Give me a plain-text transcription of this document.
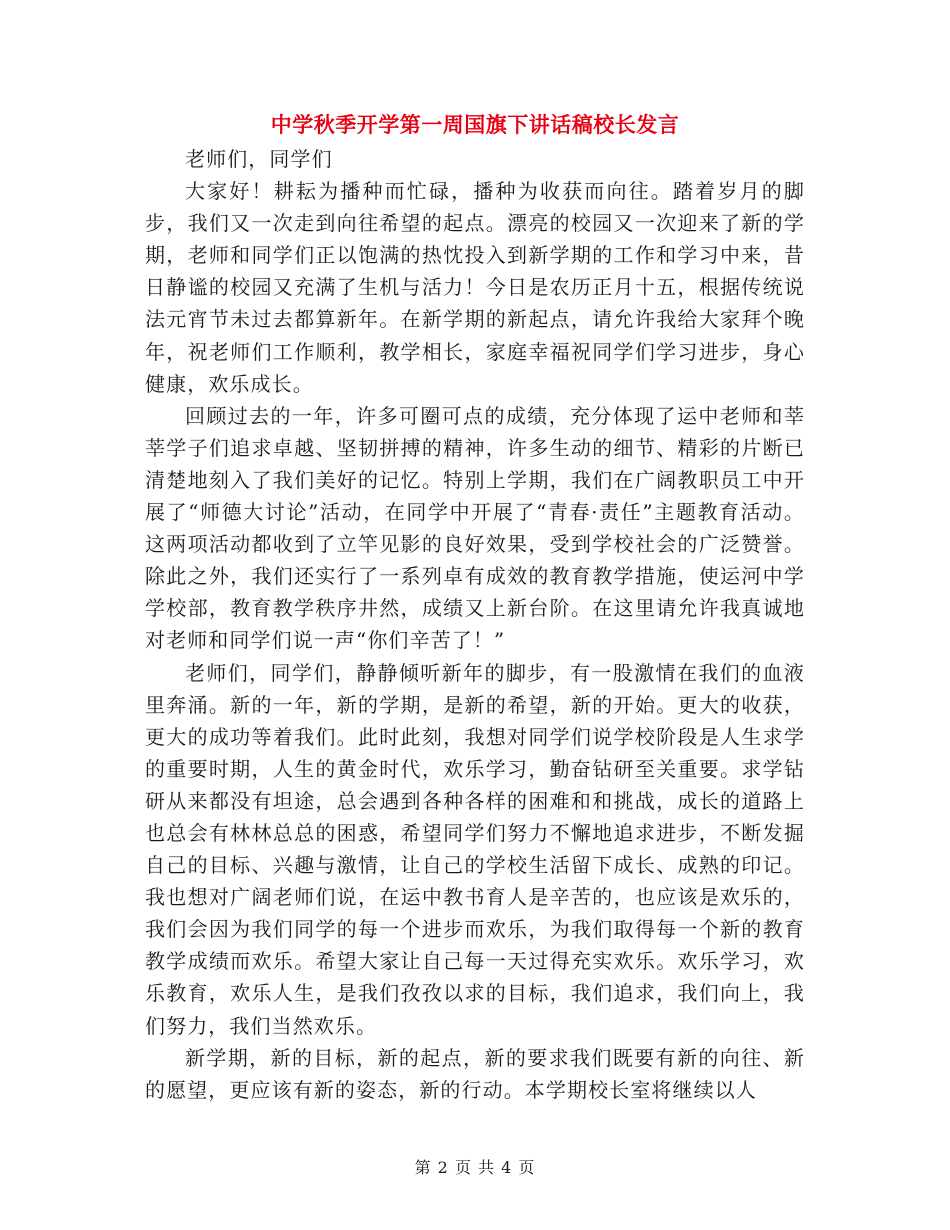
中学秋季开学第一周国旗下讲话稿校长发言

老师们，同学们

大家好！耕耘为播种而忙碌，播种为收获而向往。踏着岁月的脚步，我们又一次走到向往希望的起点。漂亮的校园又一次迎来了新的学期，老师和同学们正以饱满的热忱投入到新学期的工作和学习中来，昔日静谧的校园又充满了生机与活力！今日是农历正月十五，根据传统说法元宵节未过去都算新年。在新学期的新起点，请允许我给大家拜个晚年，祝老师们工作顺利，教学相长，家庭幸福祝同学们学习进步，身心健康，欢乐成长。

回顾过去的一年，许多可圈可点的成绩，充分体现了运中老师和莘莘学子们追求卓越、坚韧拼搏的精神，许多生动的细节、精彩的片断已清楚地刻入了我们美好的记忆。特别上学期，我们在广阔教职员工中开展了“师德大讨论”活动，在同学中开展了“青春·责任”主题教育活动。这两项活动都收到了立竿见影的良好效果，受到学校社会的广泛赞誉。除此之外，我们还实行了一系列卓有成效的教育教学措施，使运河中学学校部，教育教学秩序井然，成绩又上新台阶。在这里请允许我真诚地对老师和同学们说一声“你们辛苦了！”

老师们，同学们，静静倾听新年的脚步，有一股激情在我们的血液里奔涌。新的一年，新的学期，是新的希望，新的开始。更大的收获，更大的成功等着我们。此时此刻，我想对同学们说学校阶段是人生求学的重要时期，人生的黄金时代，欢乐学习，勤奋钻研至关重要。求学钻研从来都没有坦途，总会遇到各种各样的困难和和挑战，成长的道路上也总会有林林总总的困惑，希望同学们努力不懈地追求进步，不断发掘自己的目标、兴趣与激情，让自己的学校生活留下成长、成熟的印记。我也想对广阔老师们说，在运中教书育人是辛苦的，也应该是欢乐的，我们会因为我们同学的每一个进步而欢乐，为我们取得每一个新的教育教学成绩而欢乐。希望大家让自己每一天过得充实欢乐。欢乐学习，欢乐教育，欢乐人生，是我们孜孜以求的目标，我们追求，我们向上，我们努力，我们当然欢乐。

新学期，新的目标，新的起点，新的要求我们既要有新的向往、新的愿望，更应该有新的姿态，新的行动。本学期校长室将继续以人

第 2 页 共 4 页
